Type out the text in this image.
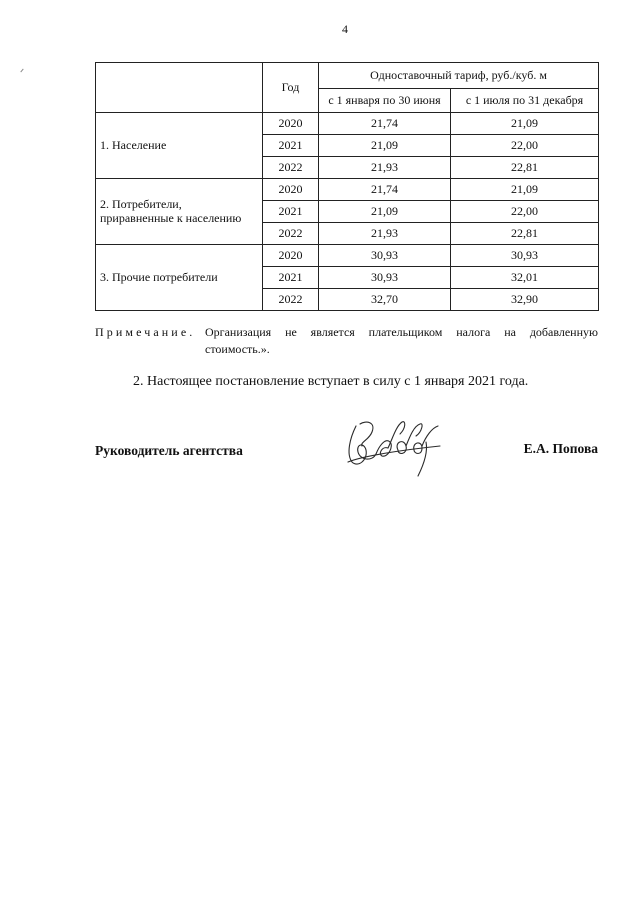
4
	Год	Одноставочный тариф, руб./куб. м	
		с 1 января по 30 июня	с 1 июля по 31 декабря

1. Население	2020	21,74	21,09
	2021	21,09	22,00
	2022	21,93	22,81

2. Потребители,
приравненные к населению	2020	21,74	21,09
	2021	21,09	22,00
	2022	21,93	22,81

3. Прочие потребители	2020	30,93	30,93
	2021	30,93	32,01
	2022	32,70	32,90
Примечание. Организация не является плательщиком налога на добавленную стоимость.».
2. Настоящее постановление вступает в силу с 1 января 2021 года.
Руководитель агентства	Е.А. Попова
